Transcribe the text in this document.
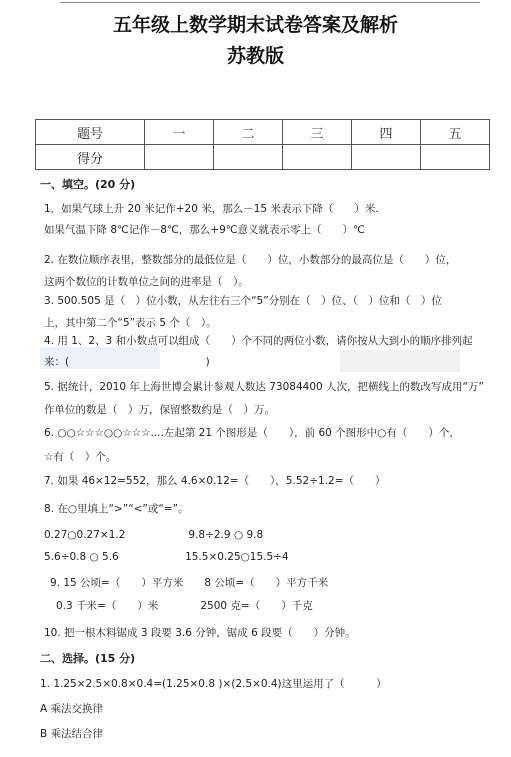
五年级上数学期末试卷答案及解析
苏教版
题号	一	二	三	四	五
得分					
一、填空。(20 分)
1．如果气球上升 20 米记作+20 米，那么－15 米表示下降（　　）米.
如果气温下降 8℃记作－8℃，那么+9℃意义就表示零上（　　）℃
2. 在数位顺序表里，整数部分的最低位是（　　）位，小数部分的最高位是（　　）位，
这两个数位的计数单位之间的进率是（　）。
3. 500.505 是（　）位小数，从左往右三个“5”分别在（　）位、（　）位和（　）位
上，其中第二个“5”表示 5 个（　）。
4. 用 1、2、3 和小数点可以组成（　　）个不同的两位小数，请你按从大到小的顺序排列起
来：(　　　　　　　　　　　　　)
5. 据统计，2010 年上海世博会累计参观人数达 73084400 人次，把横线上的数改写成用“万”
作单位的数是（　）万，保留整数约是（　）万。
6. ○○☆☆☆○○☆☆☆....左起第 21 个图形是（　　），前 60 个图形中○有（　　）个，
☆有（　）个。
7. 如果 46×12=552，那么 4.6×0.12=（　　），5.52÷1.2=（　　）
8. 在○里填上“>”“<”或“=”。
0.27○0.27×1.2　　　　　　9.8÷2.9 ○ 9.8
5.6÷0.8 ○ 5.6　　　　　　 15.5×0.25○15.5÷4
9. 15 公顷=（　　）平方米　　8 公顷=（　　）平方千米
0.3 千米=（　　）米　　　　2500 克=（　　）千克
10. 把一根木料锯成 3 段要 3.6 分钟，锯成 6 段要（　　）分钟。
二、选择。(15 分)
1. 1.25×2.5×0.8×0.4=(1.25×0.8 )×(2.5×0.4)这里运用了（　　　）
A 乘法交换律
B 乘法结合律
